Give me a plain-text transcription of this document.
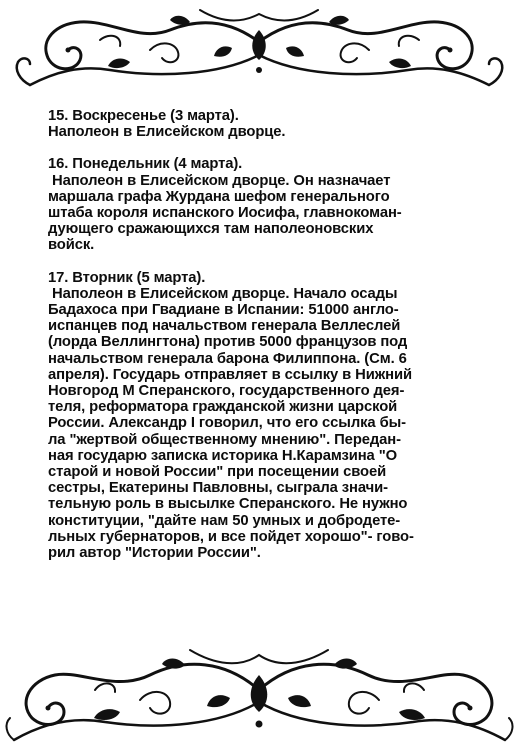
15. Воскресенье (3 марта).
Наполеон в Елисейском дворце.
16. Понедельник (4 марта).
Наполеон в Елисейском дворце. Он назначает
маршала графа Журдана шефом генерального
штаба короля испанского Иосифа, главнокоман-
дующего сражающихся там наполеоновских
войск.
17. Вторник (5 марта).
Наполеон в Елисейском дворце. Начало осады
Бадахоса при Гвадиане в Испании: 51000 англо-
испанцев под начальством генерала Веллеслей
(лорда Веллингтона) против 5000 французов под
начальством генерала барона Филиппона. (См. 6
апреля). Государь отправляет в ссылку в Нижний
Новгород М Сперанского, государственного дея-
теля, реформатора гражданской жизни царской
России. Александр I говорил, что его ссылка бы-
ла "жертвой общественному мнению". Передан-
ная государю записка историка Н.Карамзина "О
старой и новой России" при посещении своей
сестры, Екатерины Павловны, сыграла значи-
тельную роль в высылке Сперанского. Не нужно
конституции, "дайте нам 50 умных и добродете-
льных губернаторов, и все пойдет хорошо"- гово-
рил автор "Истории России".
